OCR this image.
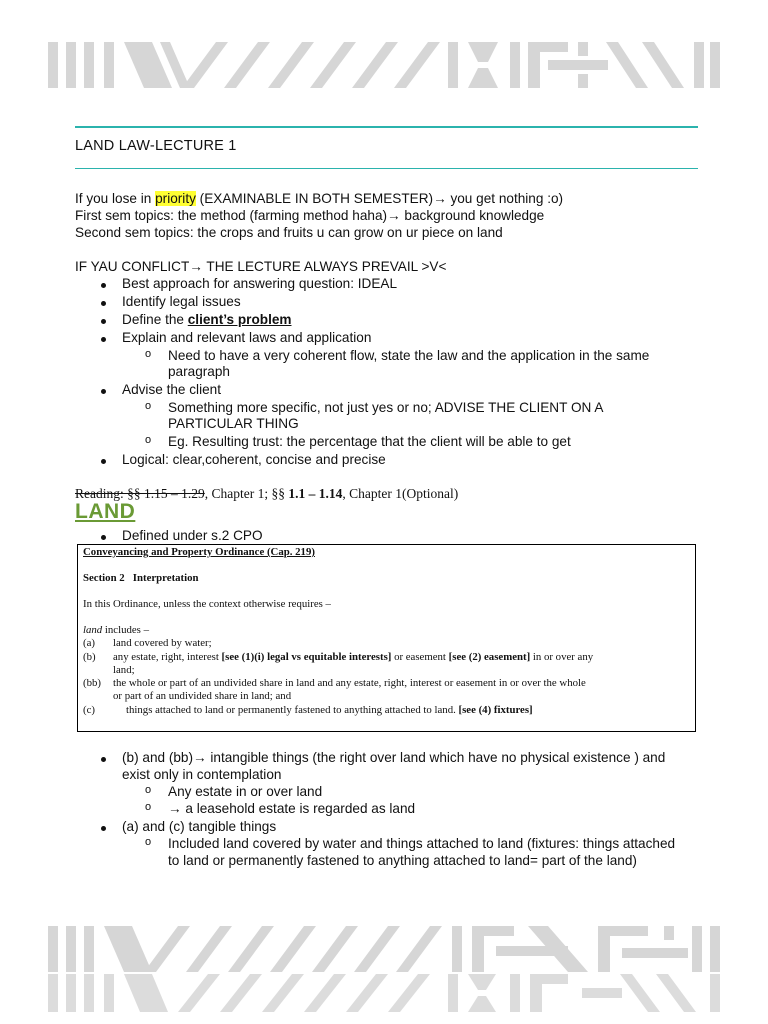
LAND LAW-LECTURE 1
If you lose in priority (EXAMINABLE IN BOTH SEMESTER)→ you get nothing :o)
First sem topics: the method (farming method haha)→ background knowledge
Second sem topics: the crops and fruits u can grow on ur piece on land
IF YAU CONFLICT→ THE LECTURE ALWAYS PREVAIL >V<
Best approach for answering question: IDEAL
Identify legal issues
Define the client’s problem
Explain and relevant laws and application
o Need to have a very coherent flow, state the law and the application in the same
paragraph
Advise the client
o Something more specific, not just yes or no; ADVISE THE CLIENT ON A
PARTICULAR THING
o Eg. Resulting trust: the percentage that the client will be able to get
Logical: clear,coherent, concise and precise
Reading: §§ 1.15 – 1.29, Chapter 1; §§ 1.1 – 1.14, Chapter 1(Optional)
LAND
Defined under s.2 CPO
Conveyancing and Property Ordinance (Cap. 219)
Section 2   Interpretation
In this Ordinance, unless the context otherwise requires –
land includes –
(a) land covered by water;
(b) any estate, right, interest [see (1)(i) legal vs equitable interests] or easement [see (2) easement] in or over any
land;
(bb) the whole or part of an undivided share in land and any estate, right, interest or easement in or over the whole
or part of an undivided share in land; and
(c)	things attached to land or permanently fastened to anything attached to land. [see (4) fixtures]
(b) and (bb)→ intangible things (the right over land which have no physical existence ) and
exist only in contemplation
o Any estate in or over land
o → a leasehold estate is regarded as land
(a) and (c) tangible things
o Included land covered by water and things attached to land (fixtures: things attached
to land or permanently fastened to anything attached to land= part of the land)
